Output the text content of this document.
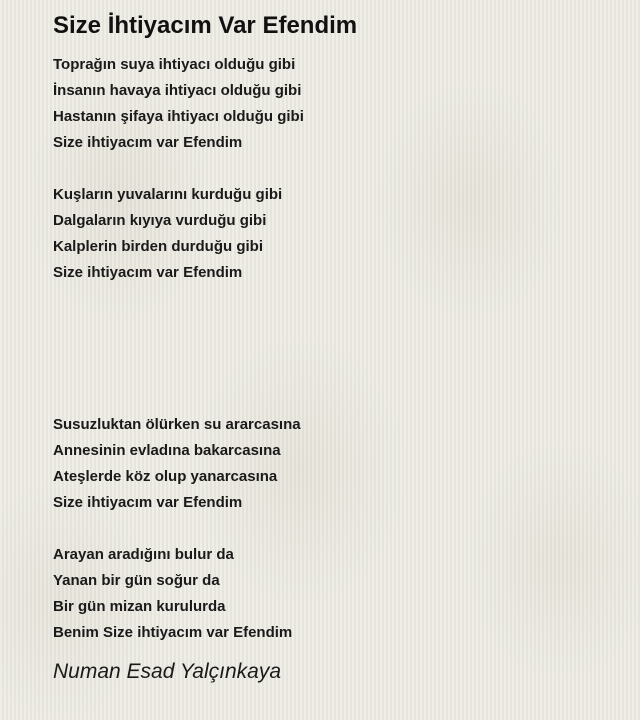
Size İhtiyacım Var Efendim
Toprağın suya ihtiyacı olduğu gibi
İnsanın havaya ihtiyacı olduğu gibi
Hastanın şifaya ihtiyacı olduğu gibi
Size ihtiyacım var Efendim
Kuşların yuvalarını kurduğu gibi
Dalgaların kıyıya vurduğu gibi
Kalplerin birden durduğu gibi
Size ihtiyacım var Efendim
Susuzluktan ölürken su ararcasına
Annesinin evladına bakarcasına
Ateşlerde köz olup yanarcasına
Size ihtiyacım var Efendim
Arayan aradığını bulur da
Yanan bir gün soğur da
Bir gün mizan kurulurda
Benim Size ihtiyacım var Efendim
Numan Esad Yalçınkaya
